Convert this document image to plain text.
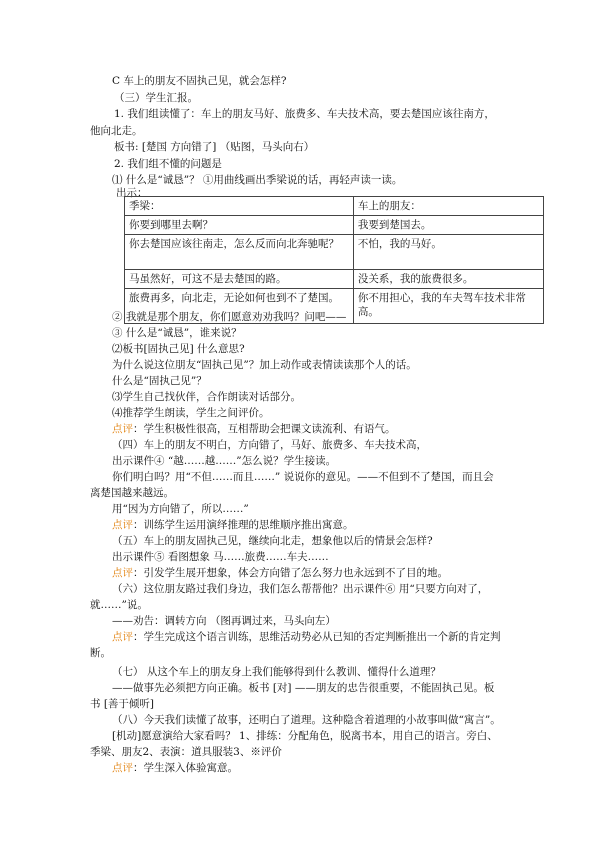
C 车上的朋友不固执己见，就会怎样?
（三）学生汇报。
1. 我们组读懂了：车上的朋友马好、旅费多、车夫技术高，要去楚国应该往南方，
他向北走。
板书: [楚国 方向错了] （贴图，马头向右）
2. 我们组不懂的问题是
⑴ 什么是“诚恳”？ ①用曲线画出季梁说的话，再轻声读一读。
出示：
季梁：	车上的朋友：
你要到哪里去啊？	我要到楚国去。
你去楚国应该往南走，怎么反而向北奔驰呢？	不怕，我的马好。
马虽然好，可这不是去楚国的路。	没关系，我的旅费很多。
旅费再多，向北走，无论如何也到不了楚国。	你不用担心，我的车夫驾车技术非常高。
② 我就是那个朋友，你们愿意劝劝我吗？问吧——
③ 什么是“诚恳”，谁来说？
⑵板书[固执己见] 什么意思?
为什么说这位朋友“固执己见”？加上动作或表情读读那个人的话。
什么是“固执己见”？
⑶学生自己找伙伴，合作朗读对话部分。
⑷推荐学生朗读，学生之间评价。
点评：学生积极性很高，互相帮助会把课文读流利、有语气。
（四）车上的朋友不明白，方向错了，马好、旅费多、车夫技术高，
出示课件④ “越……越……”怎么说？学生接读。
你们明白吗？用“不但……而且……” 说说你的意见。——不但到不了楚国，而且会
离楚国越来越远。
用“因为方向错了，所以……”
点评：训练学生运用演绎推理的思维顺序推出寓意。
（五）车上的朋友固执己见，继续向北走，想象他以后的情景会怎样?
出示课件⑤ 看图想象 马……旅费……车夫……
点评：引发学生展开想象，体会方向错了怎么努力也永远到不了目的地。
（六）这位朋友路过我们身边，我们怎么帮帮他？出示课件⑥ 用“只要方向对了，
就……”说。
——劝告：调转方向 （图再调过来，马头向左）
点评：学生完成这个语言训练，思维活动势必从已知的否定判断推出一个新的肯定判
断。
（七） 从这个车上的朋友身上我们能够得到什么教训、懂得什么道理？
——做事先必须把方向正确。板书 [对] ——朋友的忠告很重要，不能固执己见。板
书 [善于倾听]
（八）今天我们读懂了故事，还明白了道理。这种隐含着道理的小故事叫做“寓言”。
[机动]愿意演给大家看吗？ 1、排练：分配角色，脱离书本，用自己的语言。旁白、
季梁、朋友2、表演：道具服装3、※评价
点评：学生深入体验寓意。
